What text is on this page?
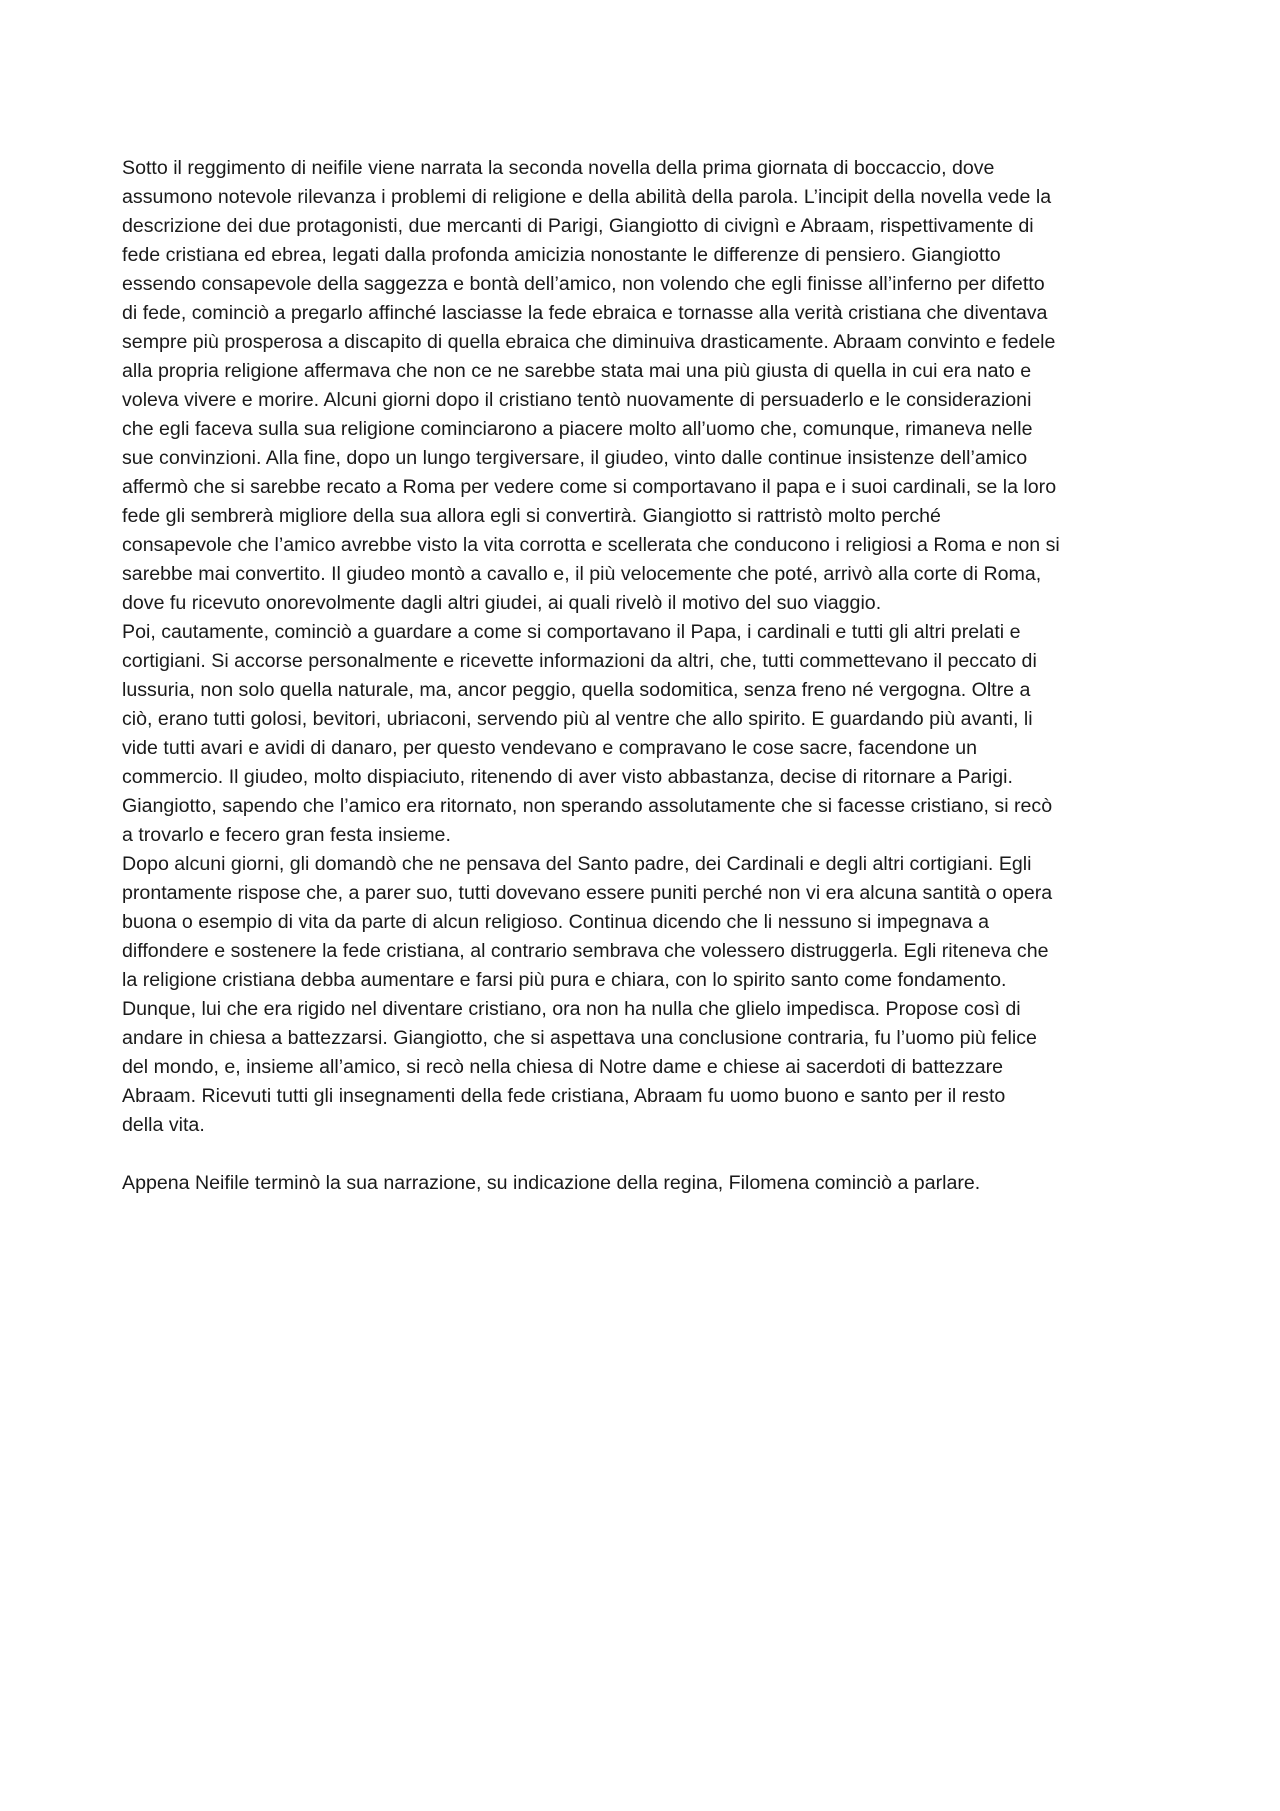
Sotto il reggimento di neifile viene narrata la seconda novella della prima giornata di boccaccio, dove
assumono notevole rilevanza i problemi di religione e della abilità della parola. L’incipit della novella vede la
descrizione dei due protagonisti, due mercanti di Parigi, Giangiotto di civignì e Abraam, rispettivamente di
fede cristiana ed ebrea, legati dalla profonda amicizia nonostante le differenze di pensiero. Giangiotto
essendo consapevole della saggezza e bontà dell’amico, non volendo che egli finisse all’inferno per difetto
di fede, cominciò a pregarlo affinché lasciasse la fede ebraica e tornasse alla verità cristiana che diventava
sempre più prosperosa a discapito di quella ebraica che diminuiva drasticamente. Abraam convinto e fedele
alla propria religione affermava che non ce ne sarebbe stata mai una più giusta di quella in cui era nato e
voleva vivere e morire. Alcuni giorni dopo il cristiano tentò nuovamente di persuaderlo e le considerazioni
che egli faceva sulla sua religione cominciarono a piacere molto all’uomo che, comunque, rimaneva nelle
sue convinzioni. Alla fine, dopo un lungo tergiversare, il giudeo, vinto dalle continue insistenze dell’amico
affermò che si sarebbe recato a Roma per vedere come si comportavano il papa e i suoi cardinali, se la loro
fede gli sembrerà migliore della sua allora egli si convertirà. Giangiotto si rattristò molto perché
consapevole che l’amico avrebbe visto la vita corrotta e scellerata che conducono i religiosi a Roma e non si
sarebbe mai convertito. Il giudeo montò a cavallo e, il più velocemente che poté, arrivò alla corte di Roma,
dove fu ricevuto onorevolmente dagli altri giudei, ai quali rivelò il motivo del suo viaggio.
Poi, cautamente, cominciò a guardare a come si comportavano il Papa, i cardinali e tutti gli altri prelati e
cortigiani. Si accorse personalmente e ricevette informazioni da altri, che, tutti commettevano il peccato di
lussuria, non solo quella naturale, ma, ancor peggio, quella sodomitica, senza freno né vergogna. Oltre a
ciò, erano tutti golosi, bevitori, ubriaconi, servendo più al ventre che allo spirito. E guardando più avanti, li
vide tutti avari e avidi di danaro, per questo vendevano e compravano le cose sacre, facendone un
commercio. Il giudeo, molto dispiaciuto, ritenendo di aver visto abbastanza, decise di ritornare a Parigi.
Giangiotto, sapendo che l’amico era ritornato, non sperando assolutamente che si facesse cristiano, si recò
a trovarlo e fecero gran festa insieme.
Dopo alcuni giorni, gli domandò che ne pensava del Santo padre, dei Cardinali e degli altri cortigiani. Egli
prontamente rispose che, a parer suo, tutti dovevano essere puniti perché non vi era alcuna santità o opera
buona o esempio di vita da parte di alcun religioso. Continua dicendo che li nessuno si impegnava a
diffondere e sostenere la fede cristiana, al contrario sembrava che volessero distruggerla. Egli riteneva che
la religione cristiana debba aumentare e farsi più pura e chiara, con lo spirito santo come fondamento.
Dunque, lui che era rigido nel diventare cristiano, ora non ha nulla che glielo impedisca. Propose così di
andare in chiesa a battezzarsi. Giangiotto, che si aspettava una conclusione contraria, fu l’uomo più felice
del mondo, e, insieme all’amico, si recò nella chiesa di Notre dame e chiese ai sacerdoti di battezzare
Abraam. Ricevuti tutti gli insegnamenti della fede cristiana, Abraam fu uomo buono e santo per il resto
della vita.
Appena Neifile terminò la sua narrazione, su indicazione della regina, Filomena cominciò a parlare.
